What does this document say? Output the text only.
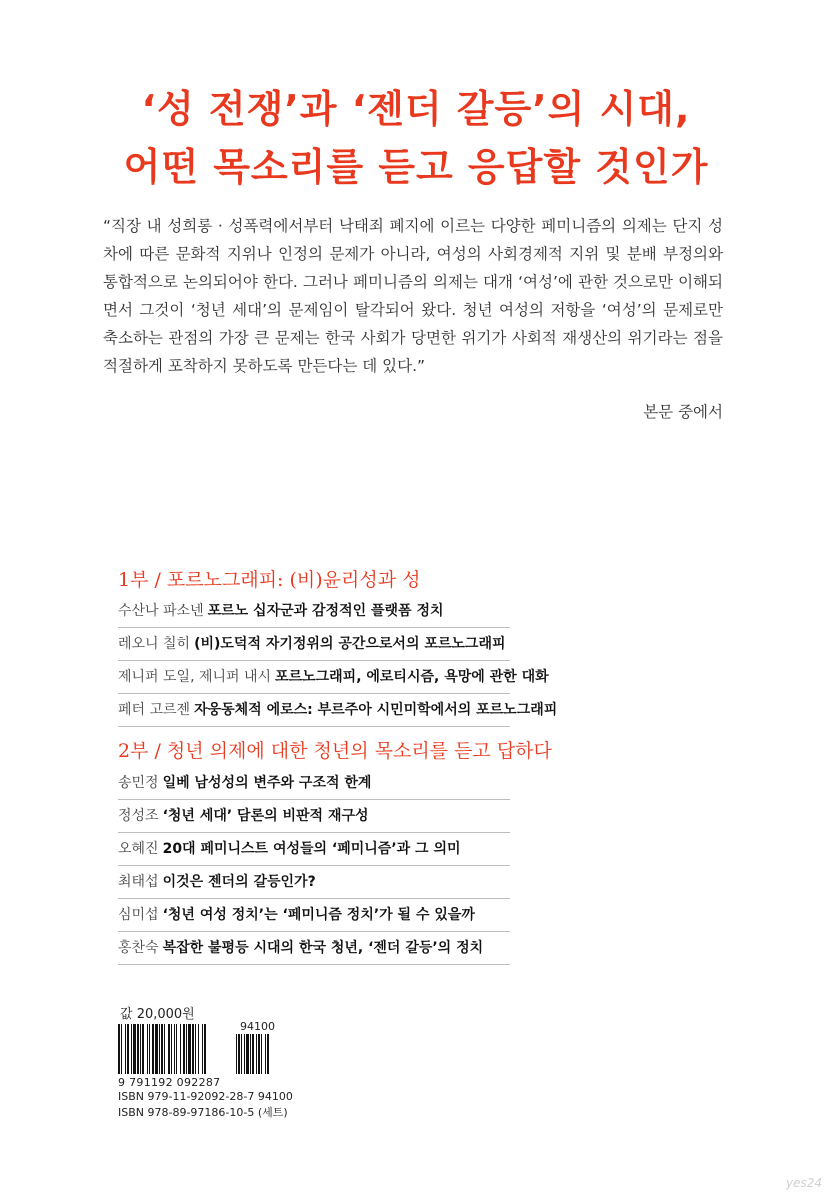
‘성 전쟁’과 ‘젠더 갈등’의 시대,
어떤 목소리를 듣고 응답할 것인가
“직장 내 성희롱 · 성폭력에서부터 낙태죄 폐지에 이르는 다양한 페미니즘의 의제는 단지 성차에 따른 문화적 지위나 인정의 문제가 아니라, 여성의 사회경제적 지위 및 분배 부정의와 통합적으로 논의되어야 한다. 그러나 페미니즘의 의제는 대개 ‘여성’에 관한 것으로만 이해되면서 그것이 ‘청년 세대’의 문제임이 탈각되어 왔다. 청년 여성의 저항을 ‘여성’의 문제로만 축소하는 관점의 가장 큰 문제는 한국 사회가 당면한 위기가 사회적 재생산의 위기라는 점을 적절하게 포착하지 못하도록 만든다는 데 있다.”
본문 중에서
1부 / 포르노그래피: (비)윤리성과 성
수산나 파소넨 포르노 십자군과 감정적인 플랫폼 정치
레오니 칠히 (비)도덕적 자기정위의 공간으로서의 포르노그래피
제니퍼 도일, 제니퍼 내시 포르노그래피, 에로티시즘, 욕망에 관한 대화
페터 고르젠 자웅동체적 에로스: 부르주아 시민미학에서의 포르노그래피
2부 / 청년 의제에 대한 청년의 목소리를 듣고 답하다
송민정 일베 남성성의 변주와 구조적 한계
정성조 ‘청년 세대’ 담론의 비판적 재구성
오혜진 20대 페미니스트 여성들의 ‘페미니즘’과 그 의미
최태섭 이것은 젠더의 갈등인가?
심미섭 ‘청년 여성 정치’는 ‘페미니즘 정치’가 될 수 있을까
홍찬숙 복잡한 불평등 시대의 한국 청년, ‘젠더 갈등’의 정치
값 20,000원
94100
9 791192 092287
ISBN 979-11-92092-28-7 94100
ISBN 978-89-97186-10-5 (세트)
yes24
